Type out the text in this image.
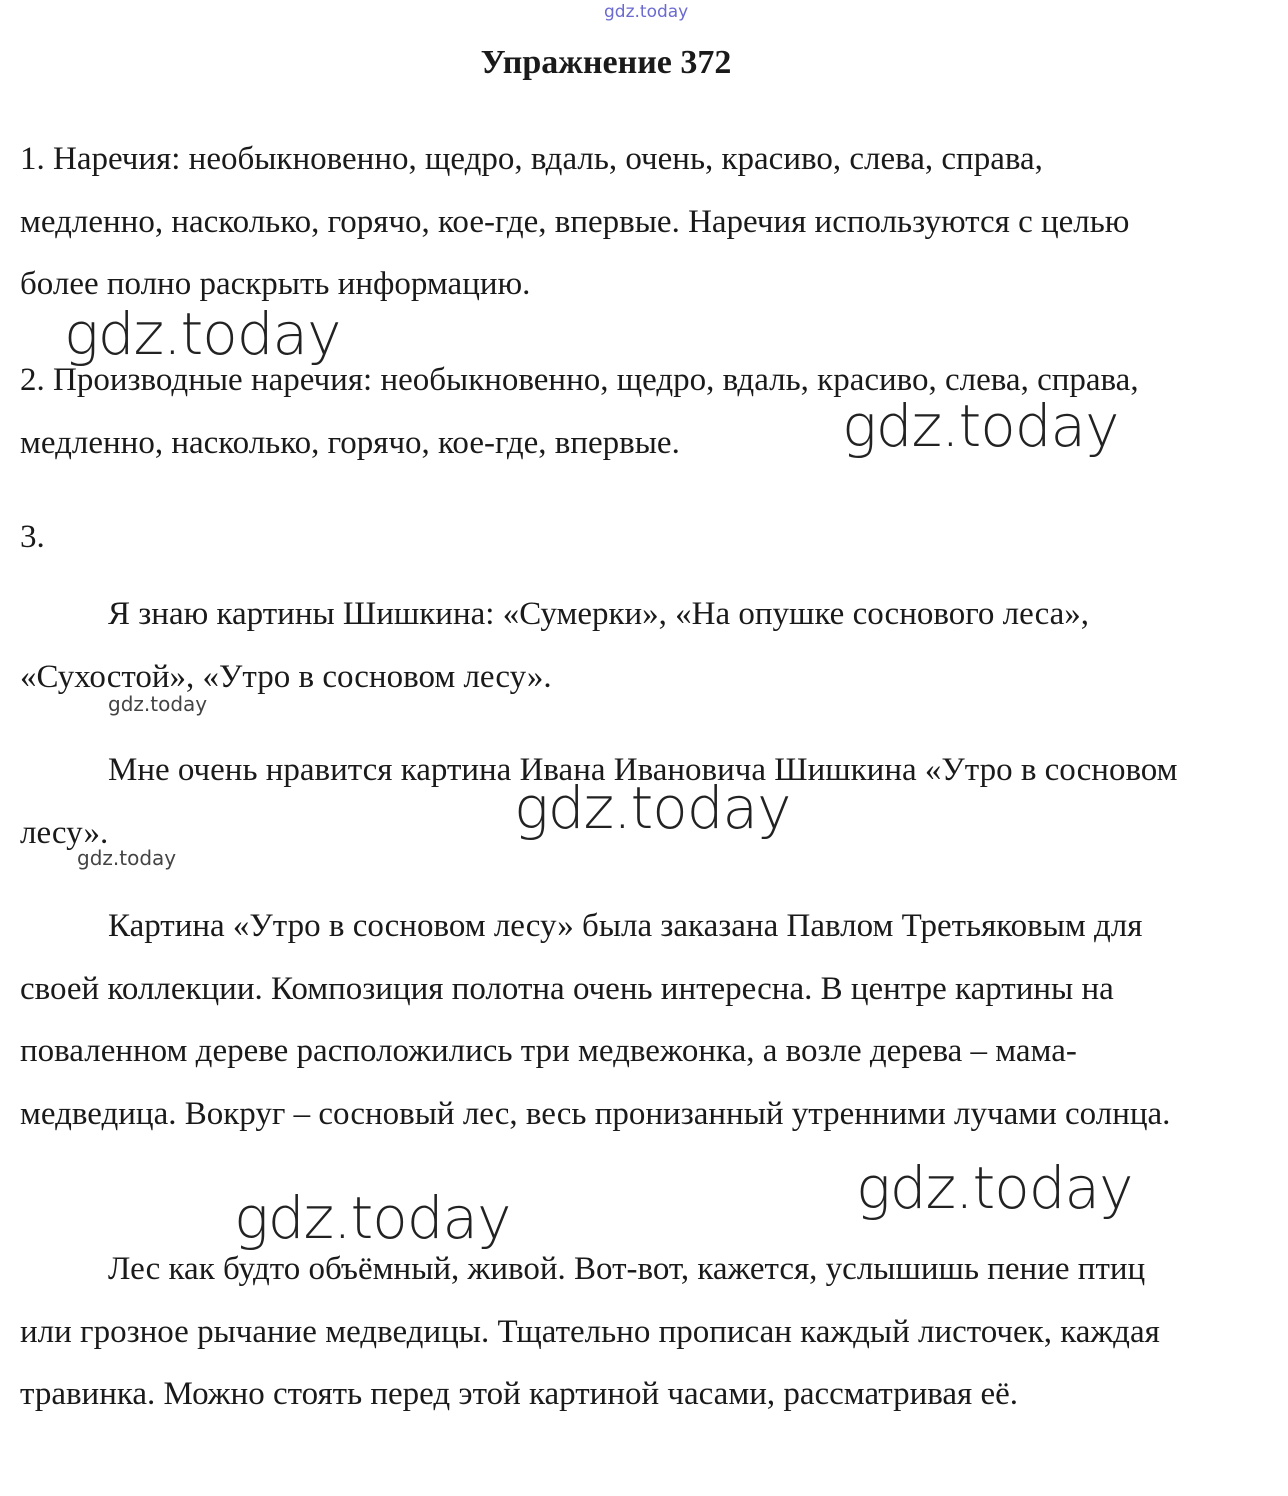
gdz.today
Упражнение 372

1. Наречия: необыкновенно, щедро, вдаль, очень, красиво, слева, справа, медленно, насколько, горячо, кое-где, впервые. Наречия используются с целью более полно раскрыть информацию.

2. Производные наречия: необыкновенно, щедро, вдаль, красиво, слева, справа, медленно, насколько, горячо, кое-где, впервые.

3.

Я знаю картины Шишкина: «Сумерки», «На опушке соснового леса», «Сухостой», «Утро в сосновом лесу».

Мне очень нравится картина Ивана Ивановича Шишкина «Утро в сосновом лесу».

Картина «Утро в сосновом лесу» была заказана Павлом Третьяковым для своей коллекции. Композиция полотна очень интересна. В центре картины на поваленном дереве расположились три медвежонка, а возле дерева – мама-медведица. Вокруг – сосновый лес, весь пронизанный утренними лучами солнца.

Лес как будто объёмный, живой. Вот-вот, кажется, услышишь пение птиц или грозное рычание медведицы. Тщательно прописан каждый листочек, каждая травинка. Можно стоять перед этой картиной часами, рассматривая её.

gdz.today
gdz.today
gdz.today
gdz.today
gdz.today
gdz.today
gdz.today
